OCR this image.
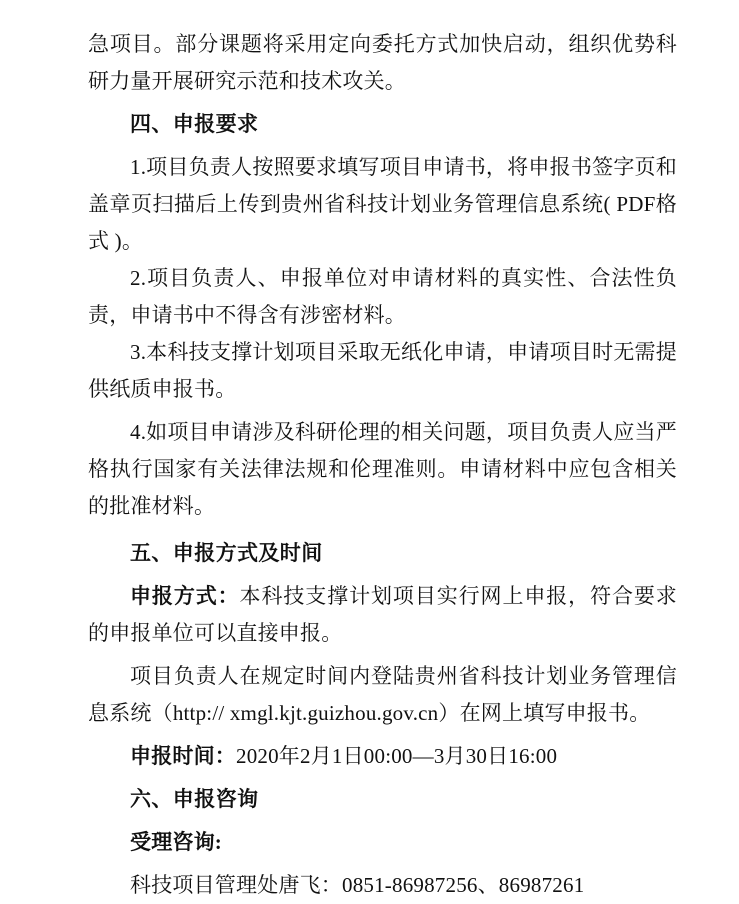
急项目。部分课题将采用定向委托方式加快启动，组织优势科研力量开展研究示范和技术攻关。

四、申报要求

1.项目负责人按照要求填写项目申请书，将申报书签字页和盖章页扫描后上传到贵州省科技计划业务管理信息系统( PDF格式 )。

2.项目负责人、申报单位对申请材料的真实性、合法性负责，申请书中不得含有涉密材料。

3.本科技支撑计划项目采取无纸化申请，申请项目时无需提供纸质申报书。

4.如项目申请涉及科研伦理的相关问题，项目负责人应当严格执行国家有关法律法规和伦理准则。申请材料中应包含相关的批准材料。

五、申报方式及时间

申报方式：本科技支撑计划项目实行网上申报，符合要求的申报单位可以直接申报。

项目负责人在规定时间内登陆贵州省科技计划业务管理信息系统（http:// xmgl.kjt.guizhou.gov.cn）在网上填写申报书。

申报时间：2020年2月1日00:00—3月30日16:00

六、申报咨询

受理咨询:

科技项目管理处唐飞：0851-86987256、86987261
